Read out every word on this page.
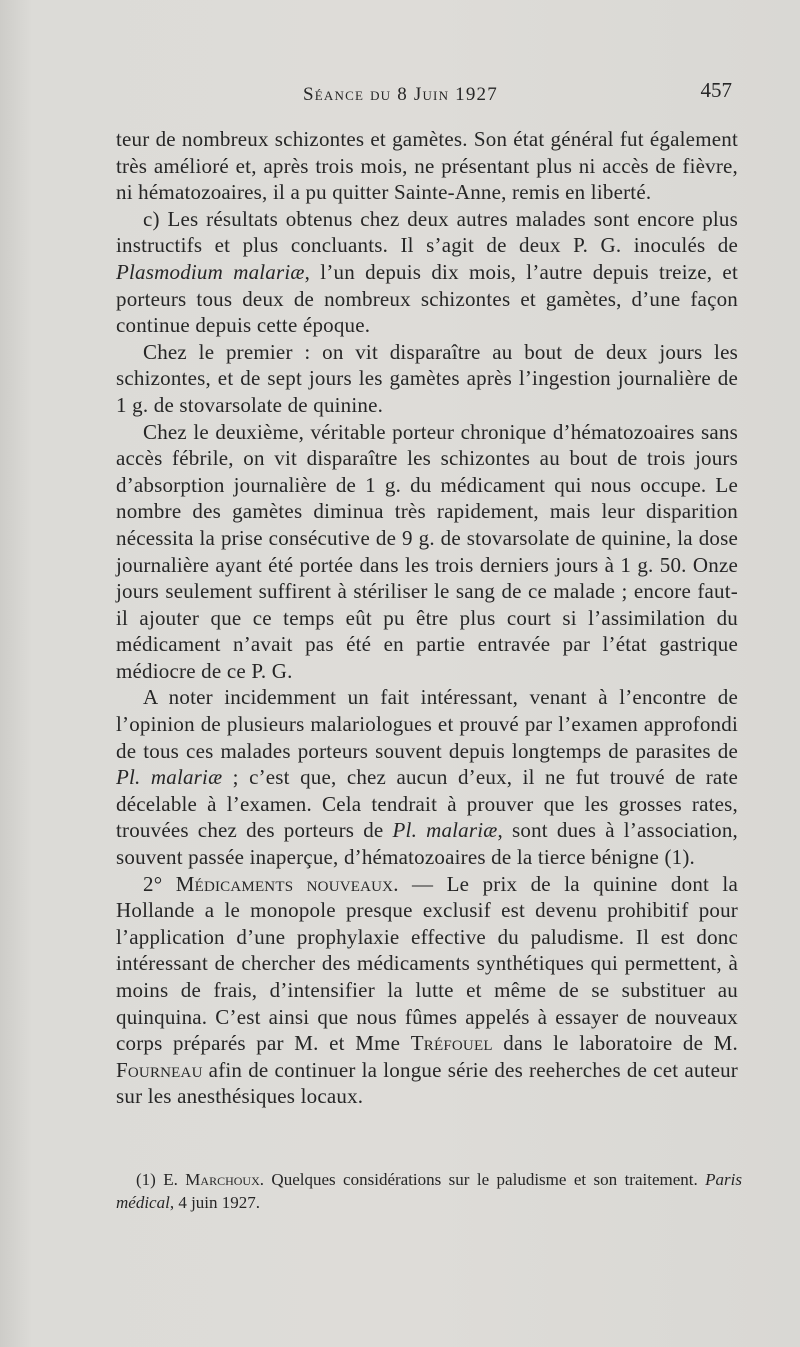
Séance du 8 Juin 1927	457

teur de nombreux schizontes et gamètes. Son état général fut également très amélioré et, après trois mois, ne présentant plus ni accès de fièvre, ni hématozoaires, il a pu quitter Sainte-Anne, remis en liberté.

c) Les résultats obtenus chez deux autres malades sont encore plus instructifs et plus concluants. Il s’agit de deux P. G. inoculés de Plasmodium malariæ, l’un depuis dix mois, l’autre depuis treize, et porteurs tous deux de nombreux schizontes et gamètes, d’une façon continue depuis cette époque.

Chez le premier : on vit disparaître au bout de deux jours les schizontes, et de sept jours les gamètes après l’ingestion journalière de 1 g. de stovarsolate de quinine.

Chez le deuxième, véritable porteur chronique d’hématozoaires sans accès fébrile, on vit disparaître les schizontes au bout de trois jours d’absorption journalière de 1 g. du médicament qui nous occupe. Le nombre des gamètes diminua très rapidement, mais leur disparition nécessita la prise consécutive de 9 g. de stovarsolate de quinine, la dose journalière ayant été portée dans les trois derniers jours à 1 g. 50. Onze jours seulement suffirent à stériliser le sang de ce malade ; encore faut-il ajouter que ce temps eût pu être plus court si l’assimilation du médicament n’avait pas été en partie entravée par l’état gastrique médiocre de ce P. G.

A noter incidemment un fait intéressant, venant à l’encontre de l’opinion de plusieurs malariologues et prouvé par l’examen approfondi de tous ces malades porteurs souvent depuis longtemps de parasites de Pl. malariæ ; c’est que, chez aucun d’eux, il ne fut trouvé de rate décelable à l’examen. Cela tendrait à prouver que les grosses rates, trouvées chez des porteurs de Pl. malariæ, sont dues à l’association, souvent passée inaperçue, d’hématozoaires de la tierce bénigne (1).

2° Médicaments nouveaux. — Le prix de la quinine dont la Hollande a le monopole presque exclusif est devenu prohibitif pour l’application d’une prophylaxie effective du paludisme. Il est donc intéressant de chercher des médicaments synthétiques qui permettent, à moins de frais, d’intensifier la lutte et même de se substituer au quinquina. C’est ainsi que nous fûmes appelés à essayer de nouveaux corps préparés par M. et Mme Tréfouel dans le laboratoire de M. Fourneau afin de continuer la longue série des reeherches de cet auteur sur les anesthésiques locaux.

(1) E. Marchoux. Quelques considérations sur le paludisme et son traitement. Paris médical, 4 juin 1927.
